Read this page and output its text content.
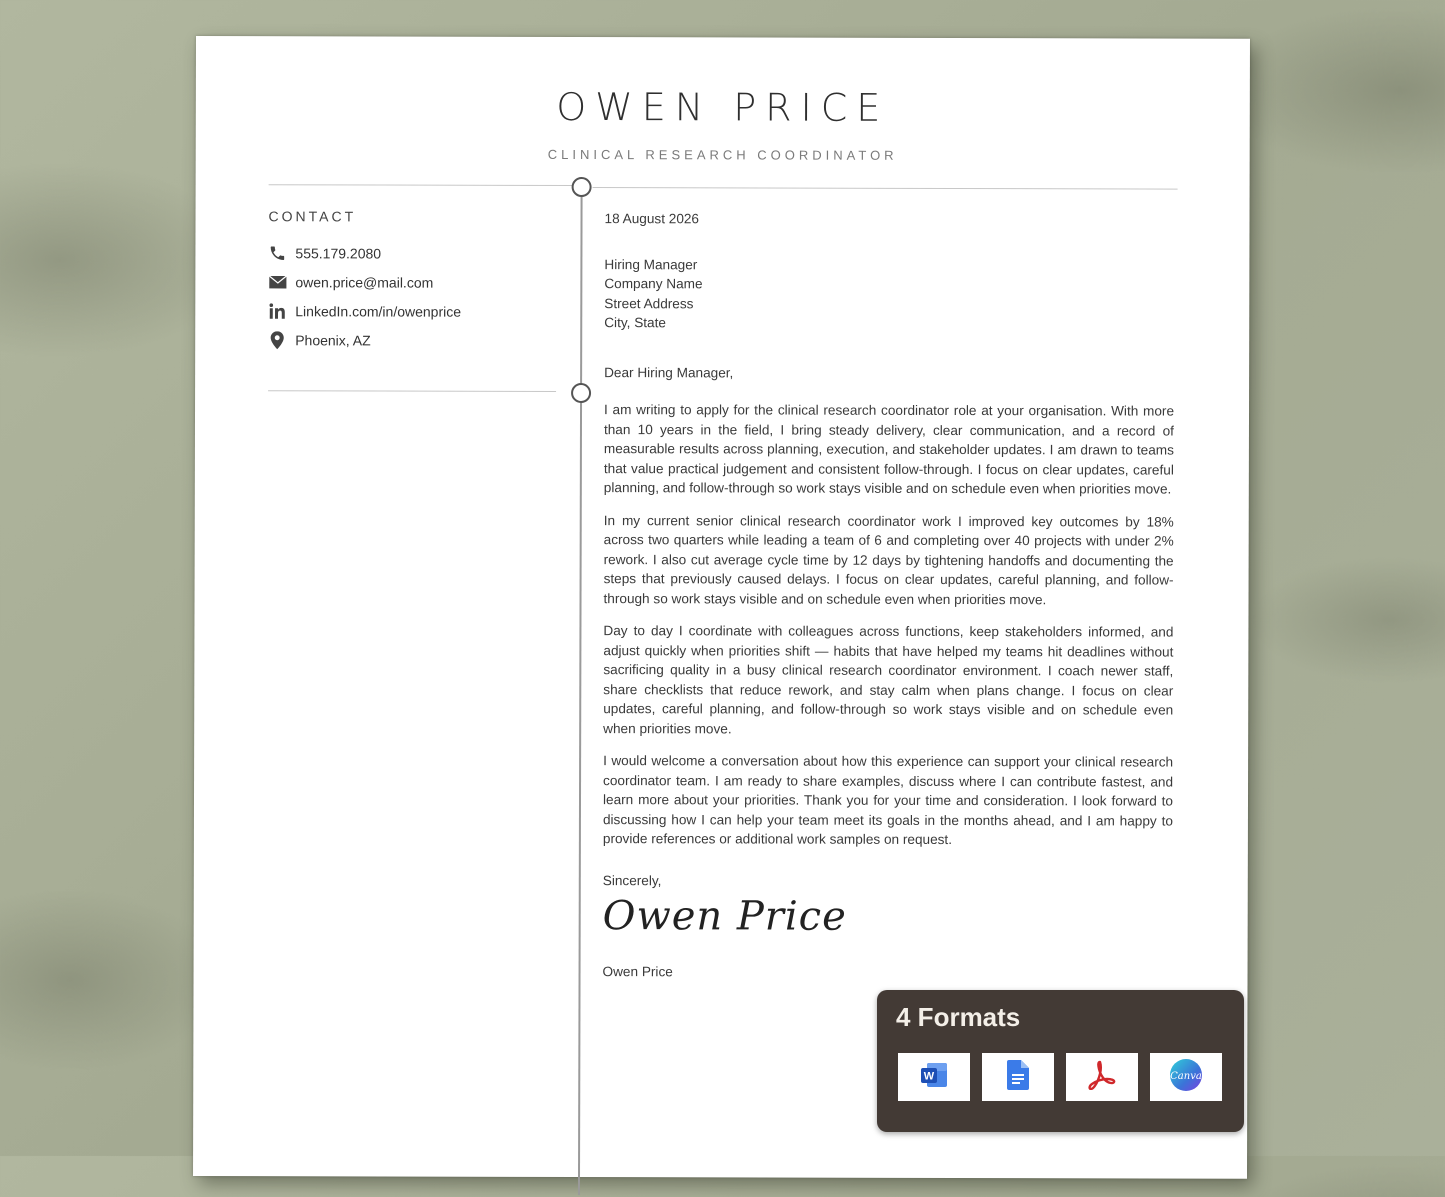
OWEN PRICE
CLINICAL RESEARCH COORDINATOR
CONTACT
555.179.2080
owen.price@mail.com
LinkedIn.com/in/owenprice
Phoenix, AZ
18 August 2026
Hiring Manager
Company Name
Street Address
City, State
Dear Hiring Manager,

I am writing to apply for the clinical research coordinator role at your organisation. With more than 10 years in the field, I bring steady delivery, clear communication, and a record of measurable results across planning, execution, and stakeholder updates. I am drawn to teams that value practical judgement and consistent follow-through. I focus on clear updates, careful planning, and follow-through so work stays visible and on schedule even when priorities move.

In my current senior clinical research coordinator work I improved key outcomes by 18% across two quarters while leading a team of 6 and completing over 40 projects with under 2% rework. I also cut average cycle time by 12 days by tightening handoffs and documenting the steps that previously caused delays. I focus on clear updates, careful planning, and follow-through so work stays visible and on schedule even when priorities move.

Day to day I coordinate with colleagues across functions, keep stakeholders informed, and adjust quickly when priorities shift — habits that have helped my teams hit deadlines without sacrificing quality in a busy clinical research coordinator environment. I coach newer staff, share checklists that reduce rework, and stay calm when plans change. I focus on clear updates, careful planning, and follow-through so work stays visible and on schedule even when priorities move.

I would welcome a conversation about how this experience can support your clinical research coordinator team. I am ready to share examples, discuss where I can contribute fastest, and learn more about your priorities. Thank you for your time and consideration. I look forward to discussing how I can help your team meet its goals in the months ahead, and I am happy to provide references or additional work samples on request.

Sincerely,
Owen Price
Owen Price
4 Formats
W	Canva
